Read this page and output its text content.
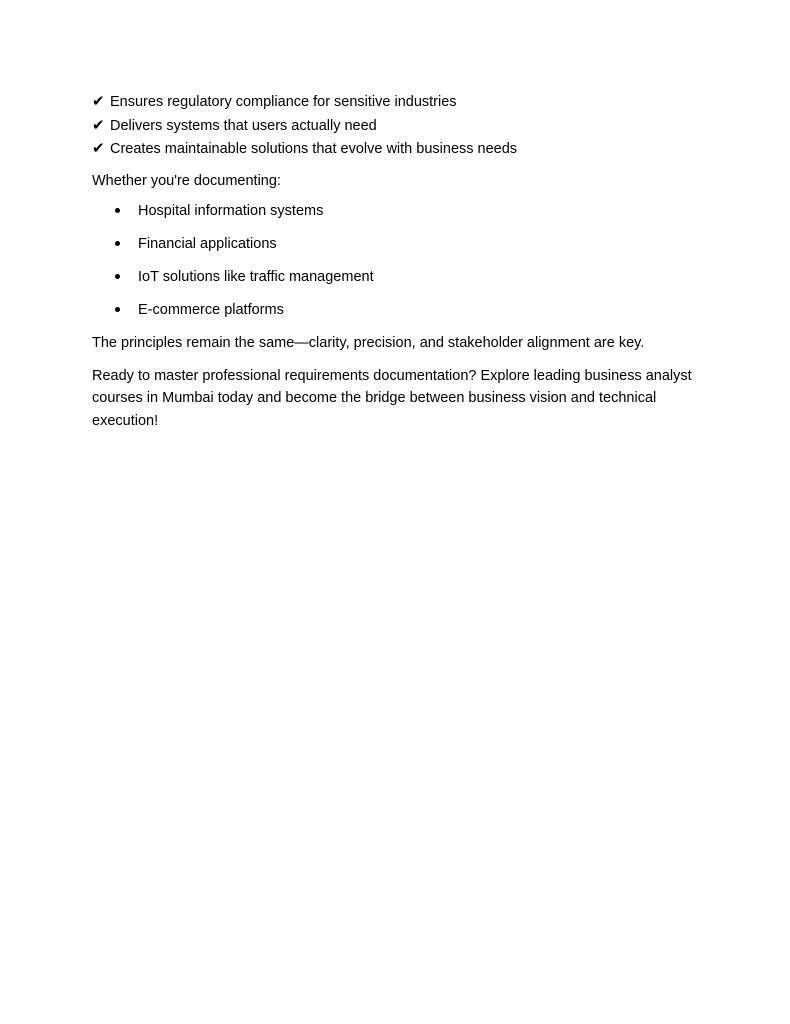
✔ Ensures regulatory compliance for sensitive industries
✔ Delivers systems that users actually need
✔ Creates maintainable solutions that evolve with business needs

Whether you're documenting:

Hospital information systems
Financial applications
IoT solutions like traffic management
E-commerce platforms

The principles remain the same—clarity, precision, and stakeholder alignment are key.

Ready to master professional requirements documentation? Explore leading business analyst courses in Mumbai today and become the bridge between business vision and technical execution!
